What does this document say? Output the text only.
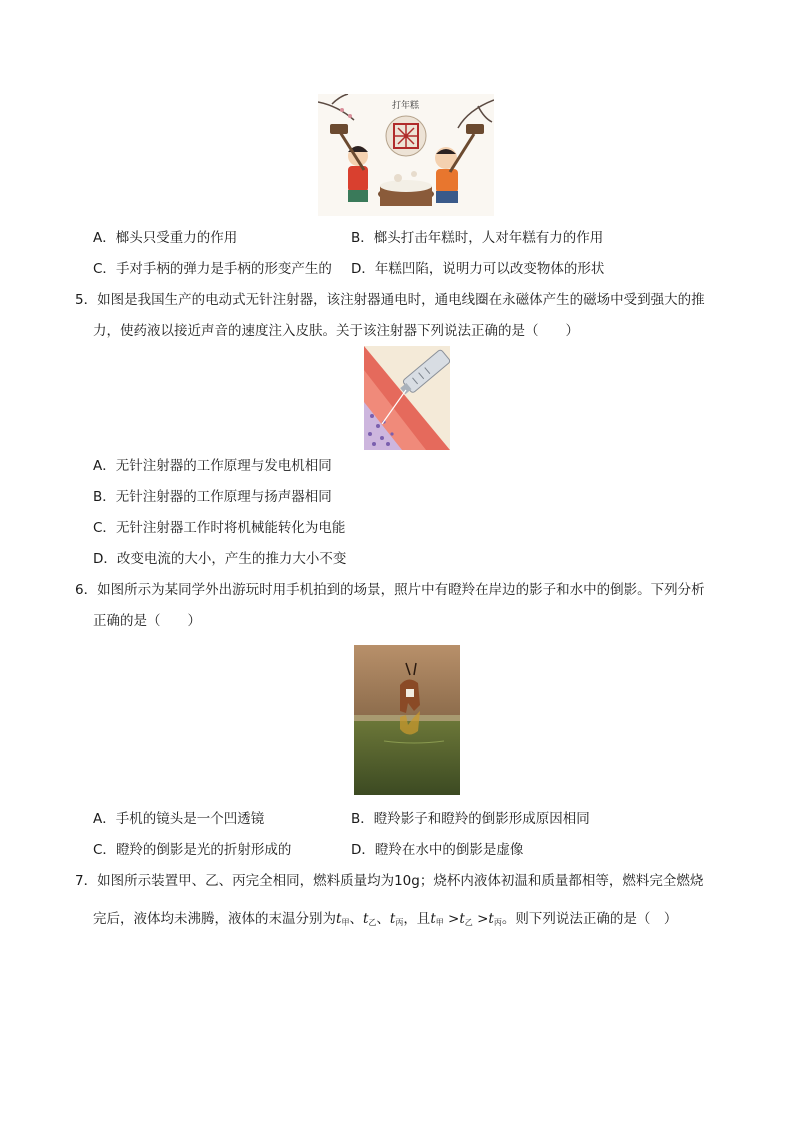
打年糕
A．榔头只受重力的作用	B．榔头打击年糕时，人对年糕有力的作用
C．手对手柄的弹力是手柄的形变产生的 D．年糕凹陷，说明力可以改变物体的形状
5．如图是我国生产的电动式无针注射器，该注射器通电时，通电线圈在永磁体产生的磁场中受到强大的推
力，使药液以接近声音的速度注入皮肤。关于该注射器下列说法正确的是（　　）
A．无针注射器的工作原理与发电机相同
B．无针注射器的工作原理与扬声器相同
C．无针注射器工作时将机械能转化为电能
D．改变电流的大小，产生的推力大小不变
6．如图所示为某同学外出游玩时用手机拍到的场景，照片中有瞪羚在岸边的影子和水中的倒影。下列分析
正确的是（　　）
A．手机的镜头是一个凹透镜	B．瞪羚影子和瞪羚的倒影形成原因相同
C．瞪羚的倒影是光的折射形成的	D．瞪羚在水中的倒影是虚像
7．如图所示装置甲、乙、丙完全相同，燃料质量均为10g；烧杯内液体初温和质量都相等，燃料完全燃烧
完后，液体均未沸腾，液体的末温分别为$t_甲$、$t_乙$、$t_丙$，且$t_甲 >t_乙 >t_丙$。则下列说法正确的是（　）
